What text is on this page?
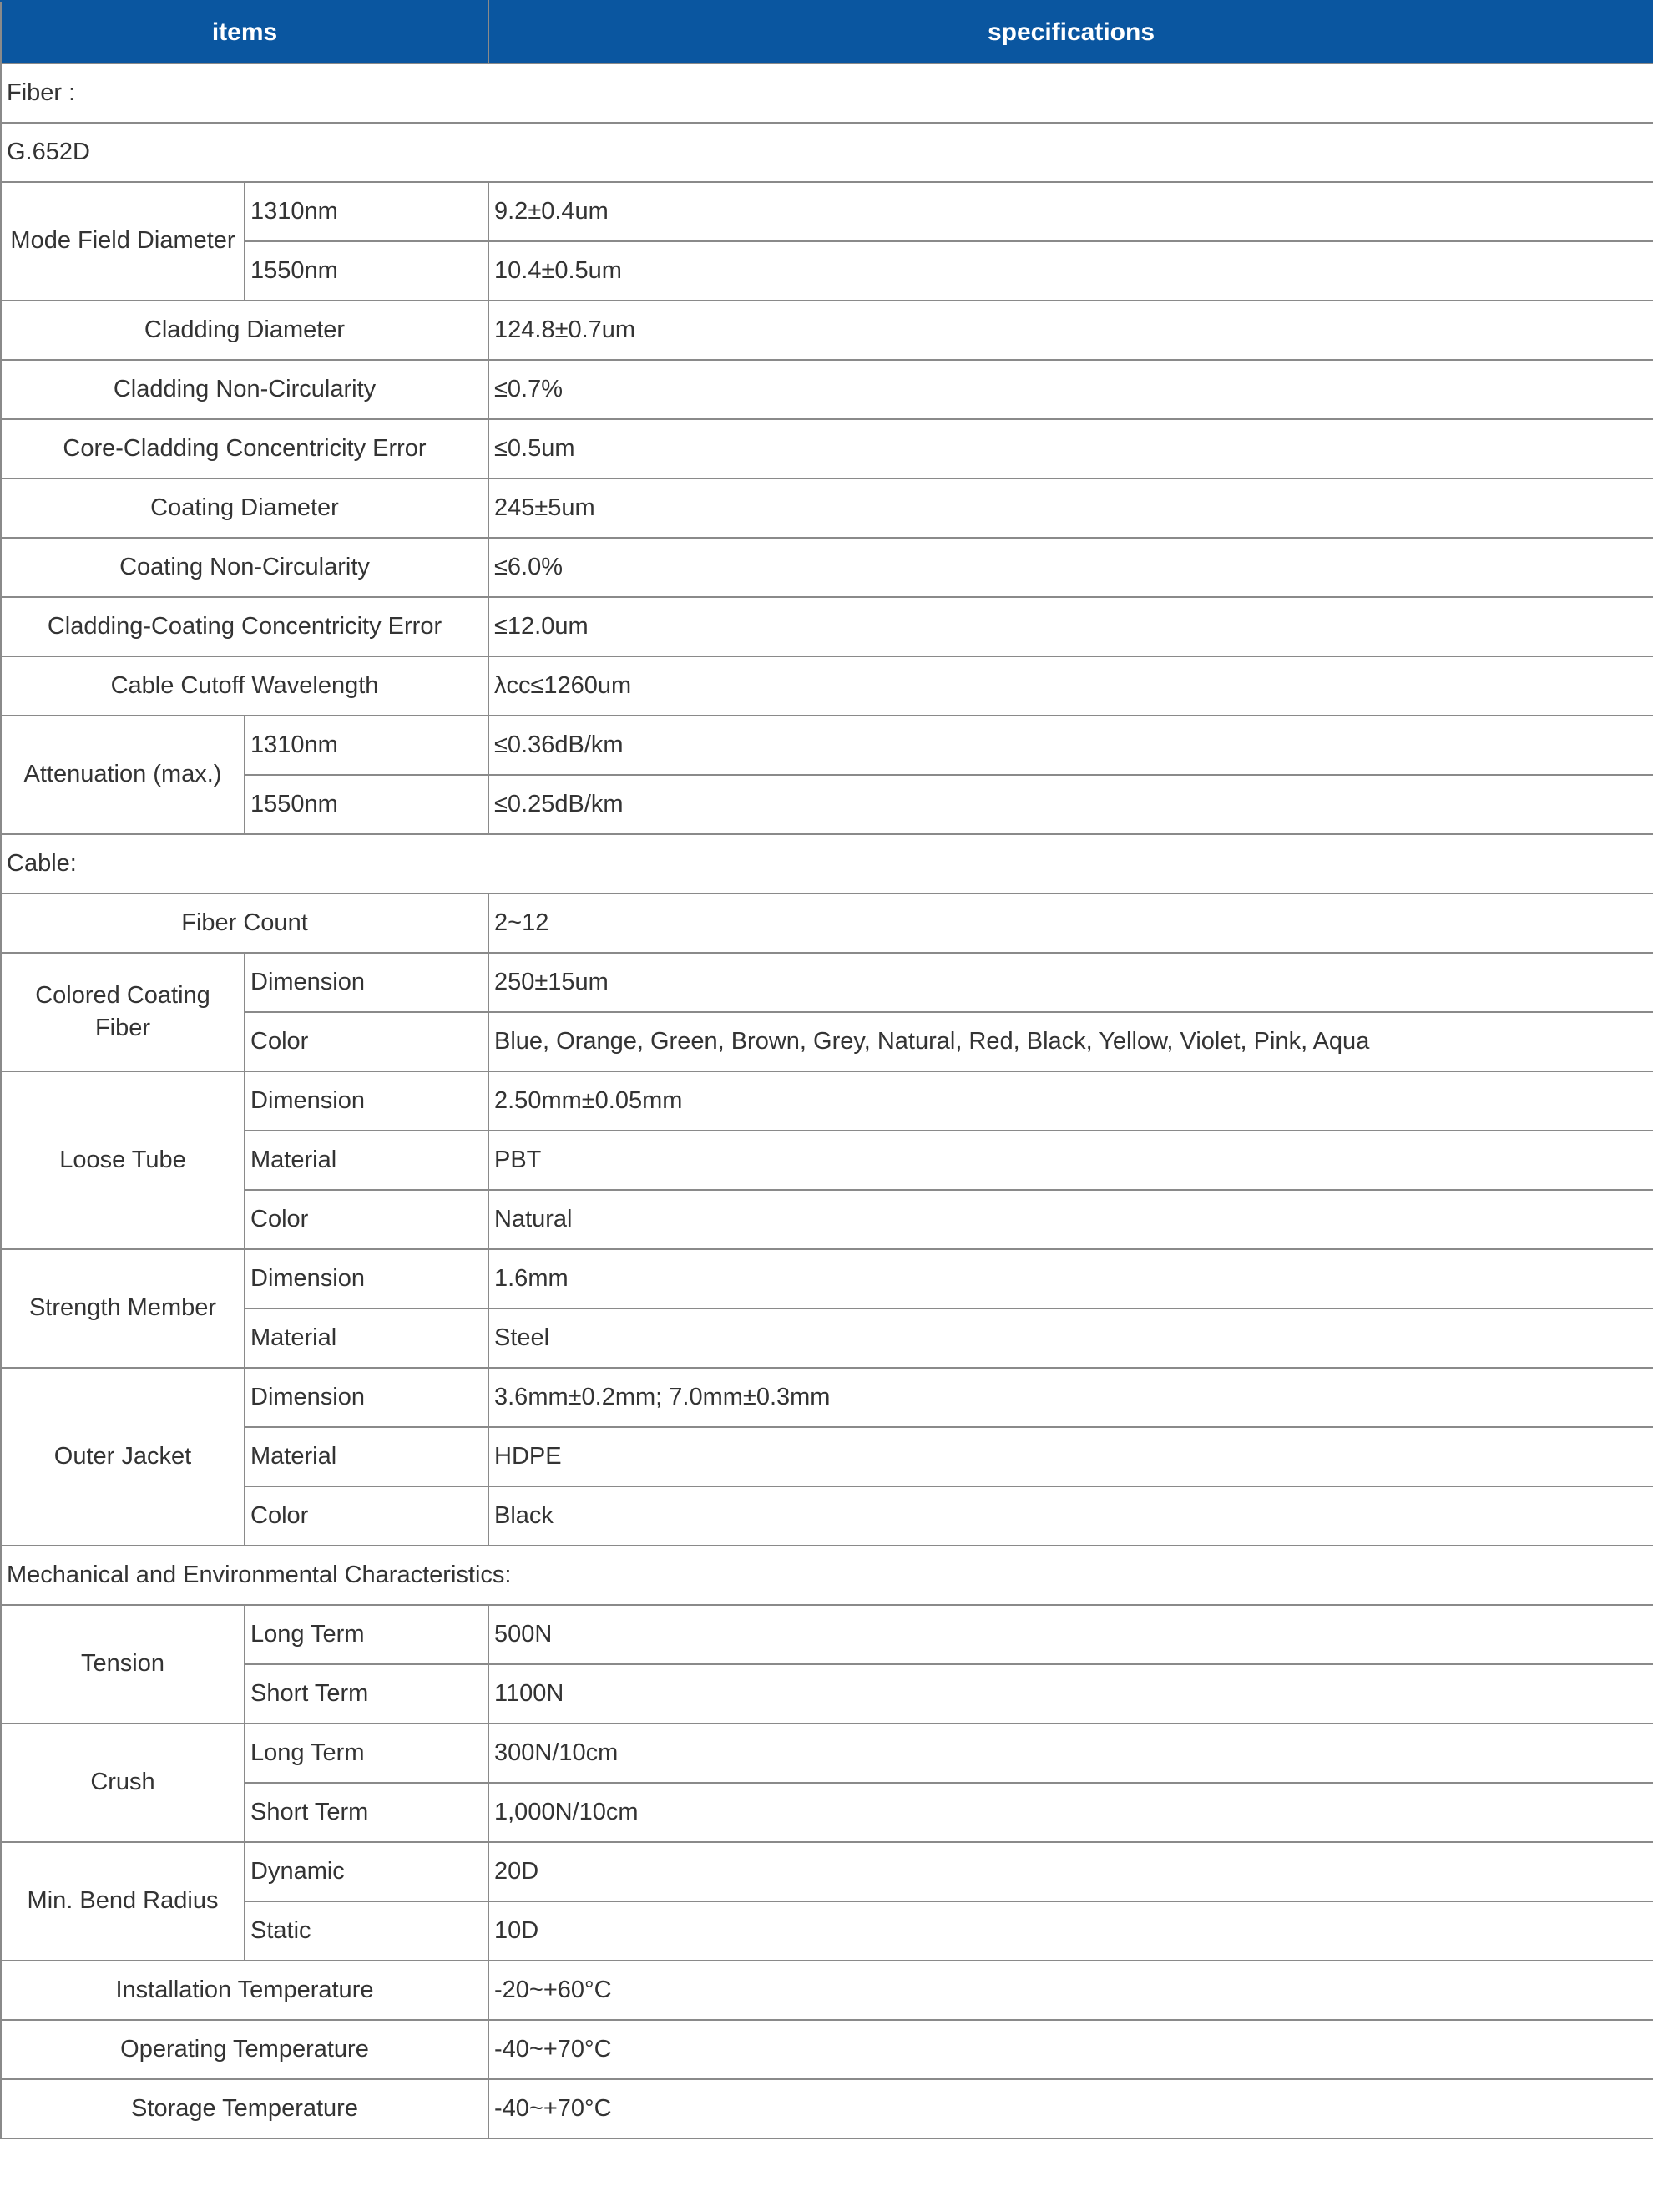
items		specifications
Fiber :		
G.652D		
Mode Field Diameter	1310nm	9.2±0.4um
	1550nm	10.4±0.5um
Cladding Diameter		124.8±0.7um
Cladding Non-Circularity		≤0.7%
Core-Cladding Concentricity Error		≤0.5um
Coating Diameter		245±5um
Coating Non-Circularity		≤6.0%
Cladding-Coating Concentricity Error		≤12.0um
Cable Cutoff Wavelength		λcc≤1260um
Attenuation (max.)	1310nm	≤0.36dB/km
	1550nm	≤0.25dB/km
Cable:		
Fiber Count		2~12
Colored Coating Fiber	Dimension	250±15um
	Color	Blue, Orange, Green, Brown, Grey, Natural, Red, Black, Yellow, Violet, Pink, Aqua
Loose Tube	Dimension	2.50mm±0.05mm
	Material	PBT
	Color	Natural
Strength Member	Dimension	1.6mm
	Material	Steel
Outer Jacket	Dimension	3.6mm±0.2mm; 7.0mm±0.3mm
	Material	HDPE
	Color	Black
Mechanical and Environmental Characteristics:		
Tension	Long Term	500N
	Short Term	1100N
Crush	Long Term	300N/10cm
	Short Term	1,000N/10cm
Min. Bend Radius	Dynamic	20D
	Static	10D
Installation Temperature		-20~+60°C
Operating Temperature		-40~+70°C
Storage Temperature		-40~+70°C
